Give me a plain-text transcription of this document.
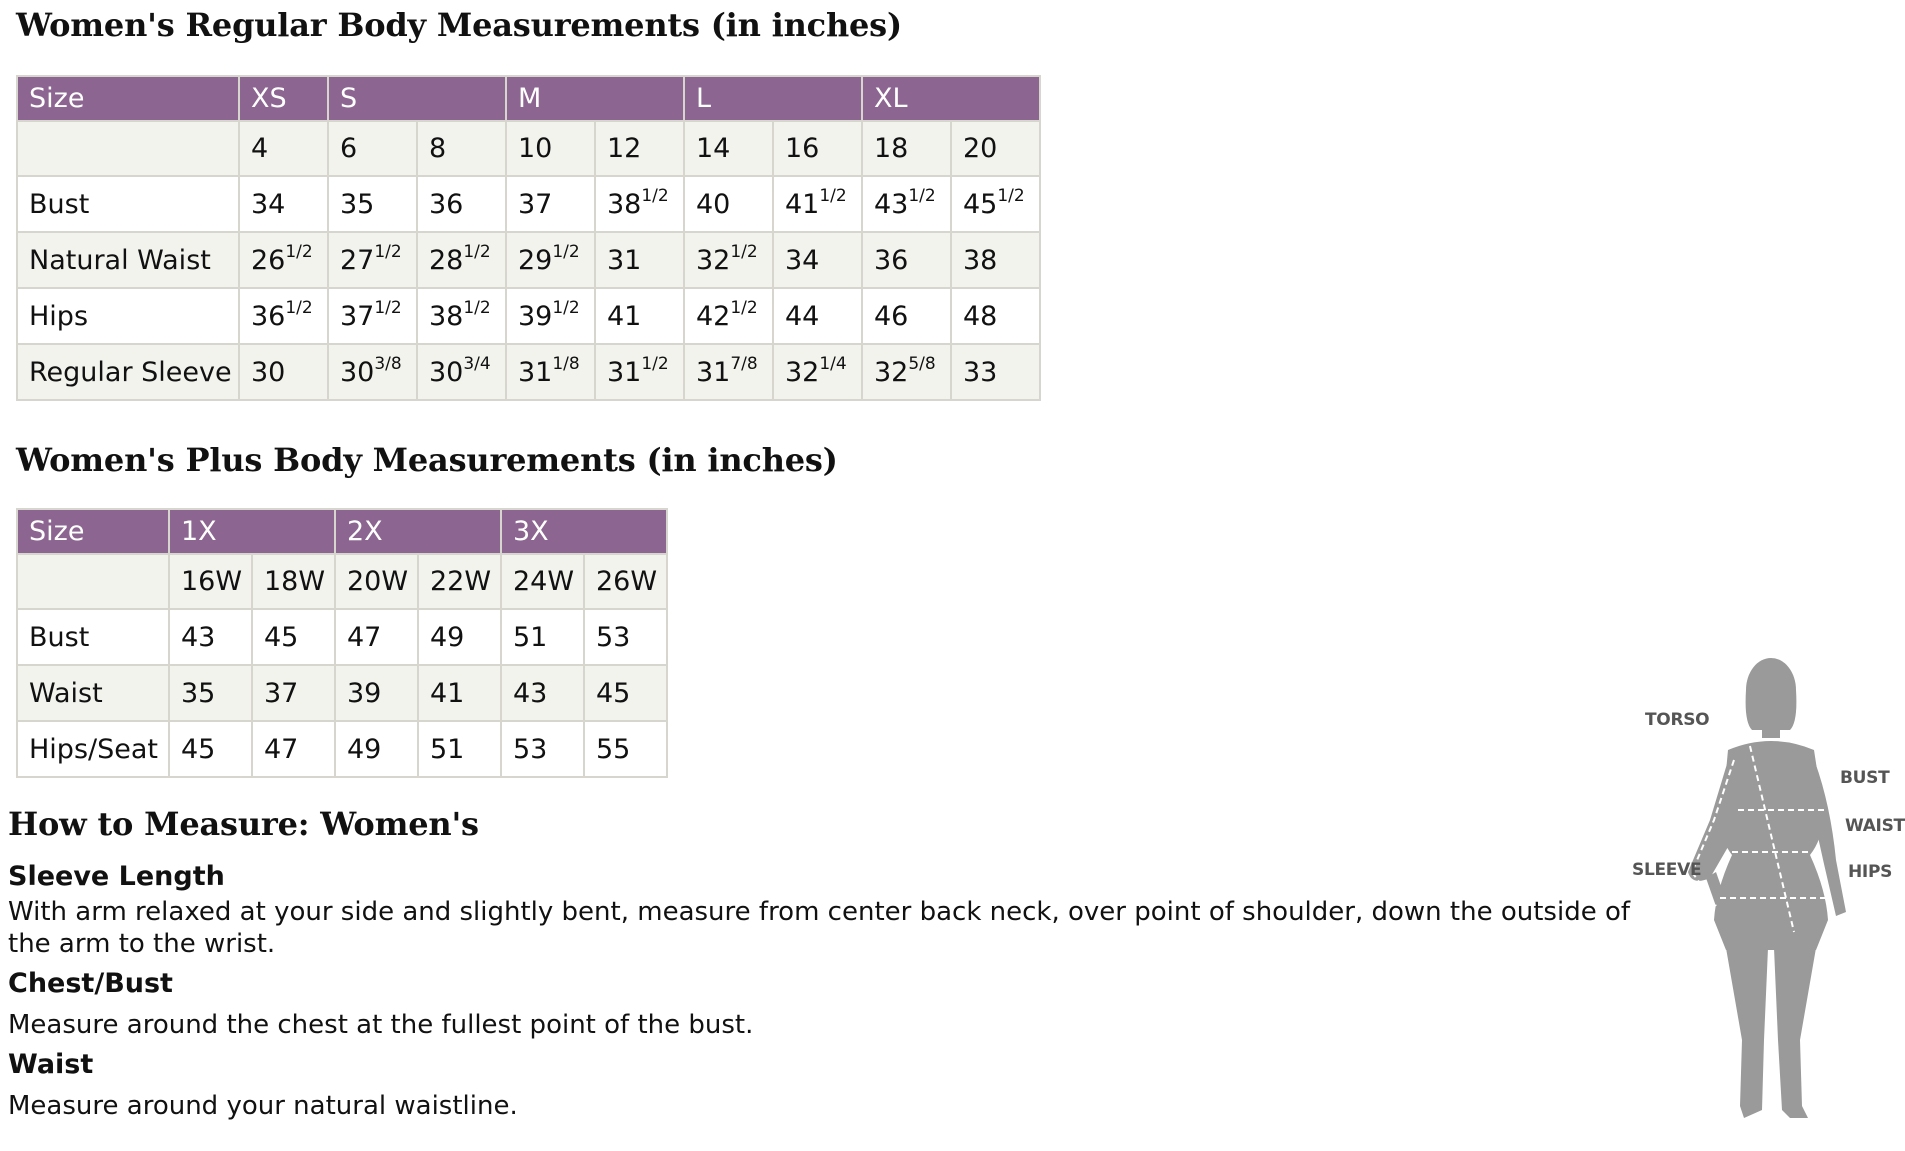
Women's Regular Body Measurements (in inches)
Size	XS	S		M		L		XL	
	4	6	8	10	12	14	16	18	20
Bust	34	35	36	37	$38^{1/2}$	40	$41^{1/2}$	$43^{1/2}$	$45^{1/2}$
Natural Waist	$26^{1/2}$	$27^{1/2}$	$28^{1/2}$	$29^{1/2}$	31	$32^{1/2}$	34	36	38
Hips	$36^{1/2}$	$37^{1/2}$	$38^{1/2}$	$39^{1/2}$	41	$42^{1/2}$	44	46	48
Regular Sleeve	30	$30^{3/8}$	$30^{3/4}$	$31^{1/8}$	$31^{1/2}$	$31^{7/8}$	$32^{1/4}$	$32^{5/8}$	33
Women's Plus Body Measurements (in inches)
Size	1X		2X		3X	
	16W	18W	20W	22W	24W	26W
Bust	43	45	47	49	51	53
Waist	35	37	39	41	43	45
Hips/Seat	45	47	49	51	53	55
How to Measure: Women's
Sleeve Length

With arm relaxed at your side and slightly bent, measure from center back neck, over point of shoulder, down the outside of the arm to the wrist.

Chest/Bust

Measure around the chest at the fullest point of the bust.

Waist

Measure around your natural waistline.

TORSO
BUST
WAIST
HIPS
SLEEVE
